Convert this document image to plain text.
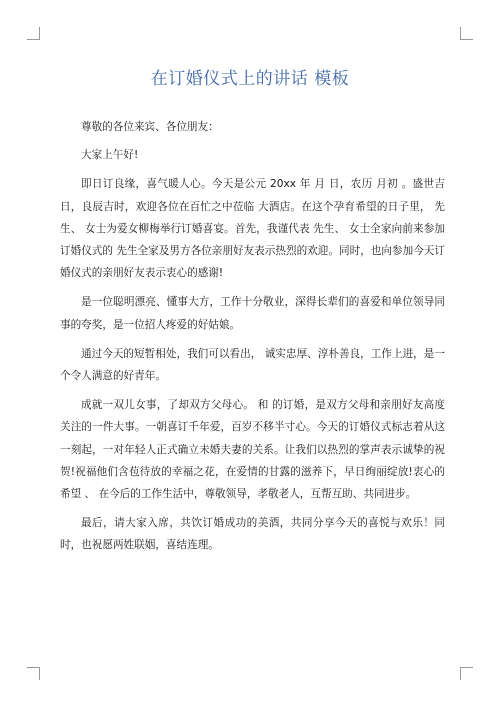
在订婚仪式上的讲话 模板

尊敬的各位来宾、各位朋友：

大家上午好!

即日订良缘，喜气暖人心。今天是公元 20xx 年 月 日，农历 月初 。盛世吉日，良辰吉时，欢迎各位在百忙之中莅临 大酒店。在这个孕育希望的日子里， 先生、 女士为爱女柳梅举行订婚喜宴。首先，我谨代表 先生、 女士全家向前来参加订婚仪式的 先生全家及男方各位亲朋好友表示热烈的欢迎。同时，也向参加今天订婚仪式的亲朋好友表示衷心的感谢!

是一位聪明漂亮、懂事大方，工作十分敬业，深得长辈们的喜爱和单位领导同事的夸奖，是一位招人疼爱的好姑娘。

通过今天的短暂相处，我们可以看出， 诚实忠厚、淳朴善良，工作上进，是一个令人满意的好青年。

成就一双儿女事，了却双方父母心。 和 的订婚，是双方父母和亲朋好友高度关注的一件大事。一朝喜订千年爱，百岁不移半寸心。今天的订婚仪式标志着从这一刻起，一对年轻人正式确立未婚夫妻的关系。让我们以热烈的掌声表示诚挚的祝贺!祝福他们含苞待放的幸福之花，在爱情的甘露的滋养下，早日绚丽绽放!衷心的希望 、 在今后的工作生活中，尊敬领导，孝敬老人，互帮互助、共同进步。

最后，请大家入席，共饮订婚成功的美酒，共同分享今天的喜悦与欢乐！同时，也祝愿两姓联姻，喜结连理。
